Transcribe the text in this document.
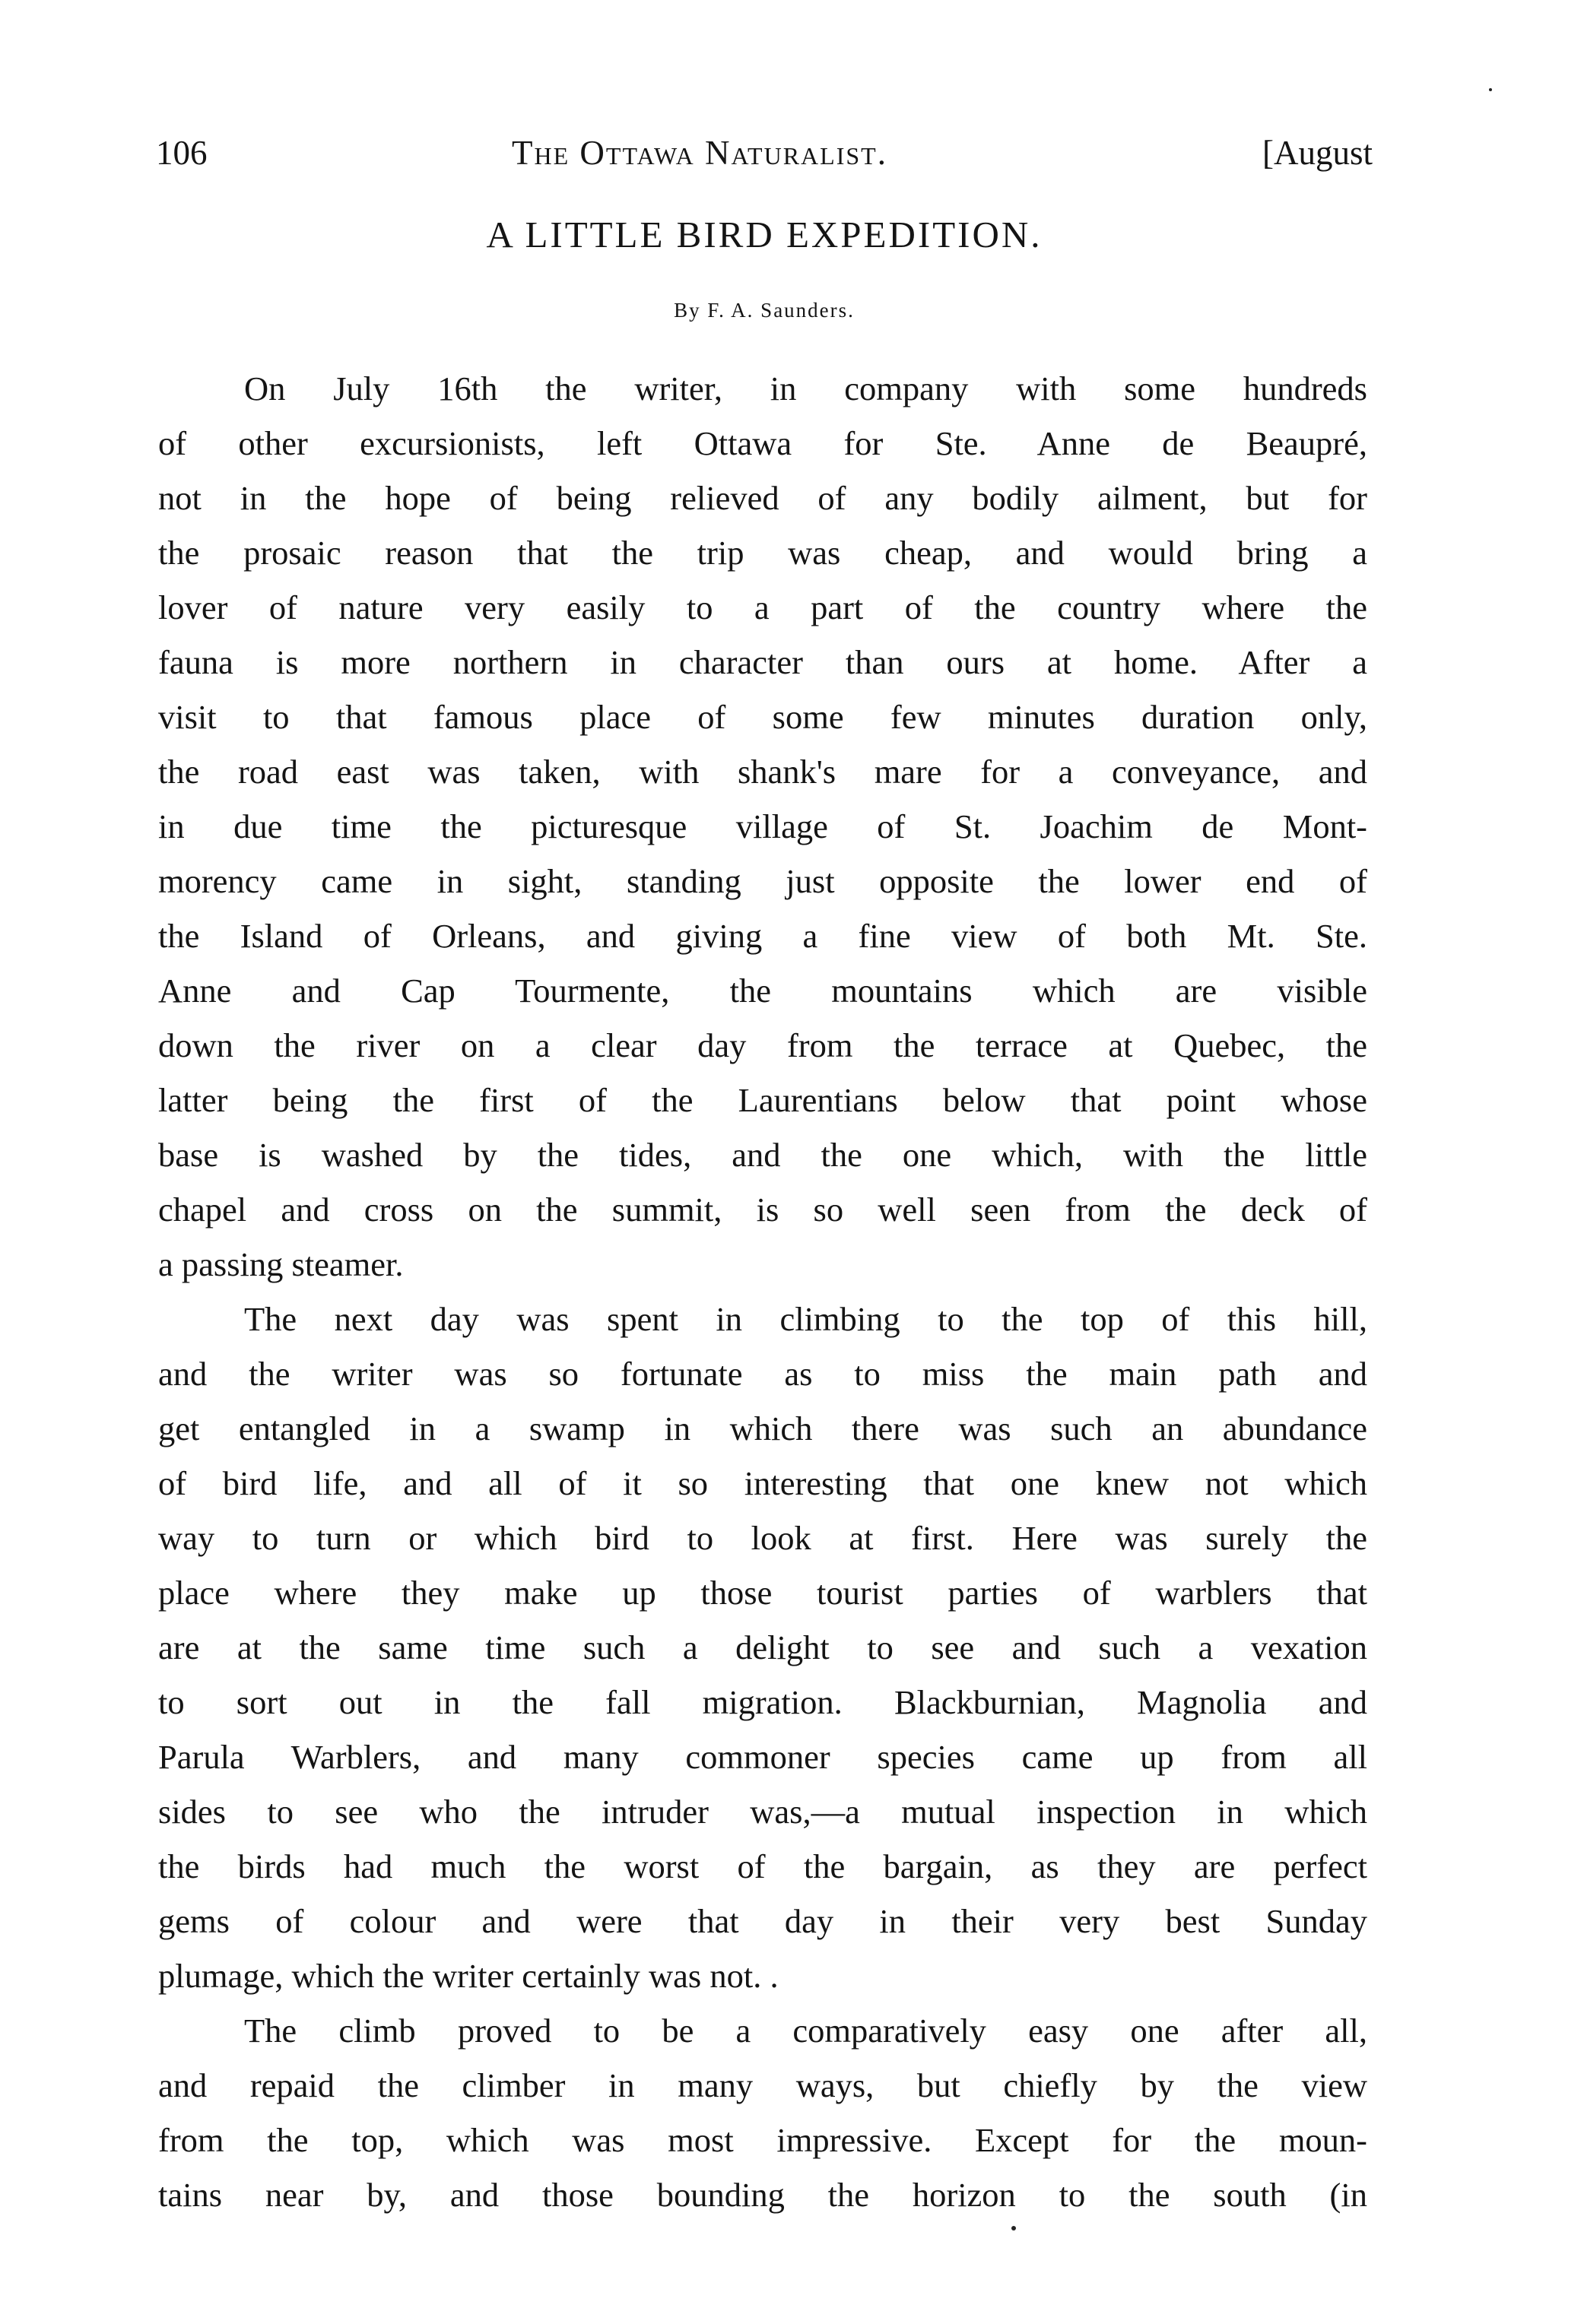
106	The Ottawa Naturalist.	[August
A LITTLE BIRD EXPEDITION.
By F. A. Saunders.
On July 16th the writer, in company with some hundreds
of other excursionists, left Ottawa for Ste. Anne de Beaupré,
not in the hope of being relieved of any bodily ailment, but for
the prosaic reason that the trip was cheap, and would bring a
lover of nature very easily to a part of the country where the
fauna is more northern in character than ours at home. After a
visit to that famous place of some few minutes duration only,
the road east was taken, with shank's mare for a conveyance, and
in due time the picturesque village of St. Joachim de Mont-
morency came in sight, standing just opposite the lower end of
the Island of Orleans, and giving a fine view of both Mt. Ste.
Anne and Cap Tourmente, the mountains which are visible
down the river on a clear day from the terrace at Quebec, the
latter being the first of the Laurentians below that point whose
base is washed by the tides, and the one which, with the little
chapel and cross on the summit, is so well seen from the deck of
a passing steamer.
The next day was spent in climbing to the top of this hill,
and the writer was so fortunate as to miss the main path and
get entangled in a swamp in which there was such an abundance
of bird life, and all of it so interesting that one knew not which
way to turn or which bird to look at first. Here was surely the
place where they make up those tourist parties of warblers that
are at the same time such a delight to see and such a vexation
to sort out in the fall migration. Blackburnian, Magnolia and
Parula Warblers, and many commoner species came up from all
sides to see who the intruder was,—a mutual inspection in which
the birds had much the worst of the bargain, as they are perfect
gems of colour and were that day in their very best Sunday
plumage, which the writer certainly was not. .
The climb proved to be a comparatively easy one after all,
and repaid the climber in many ways, but chiefly by the view
from the top, which was most impressive. Except for the moun-
tains near by, and those bounding the horizon to the south (in
